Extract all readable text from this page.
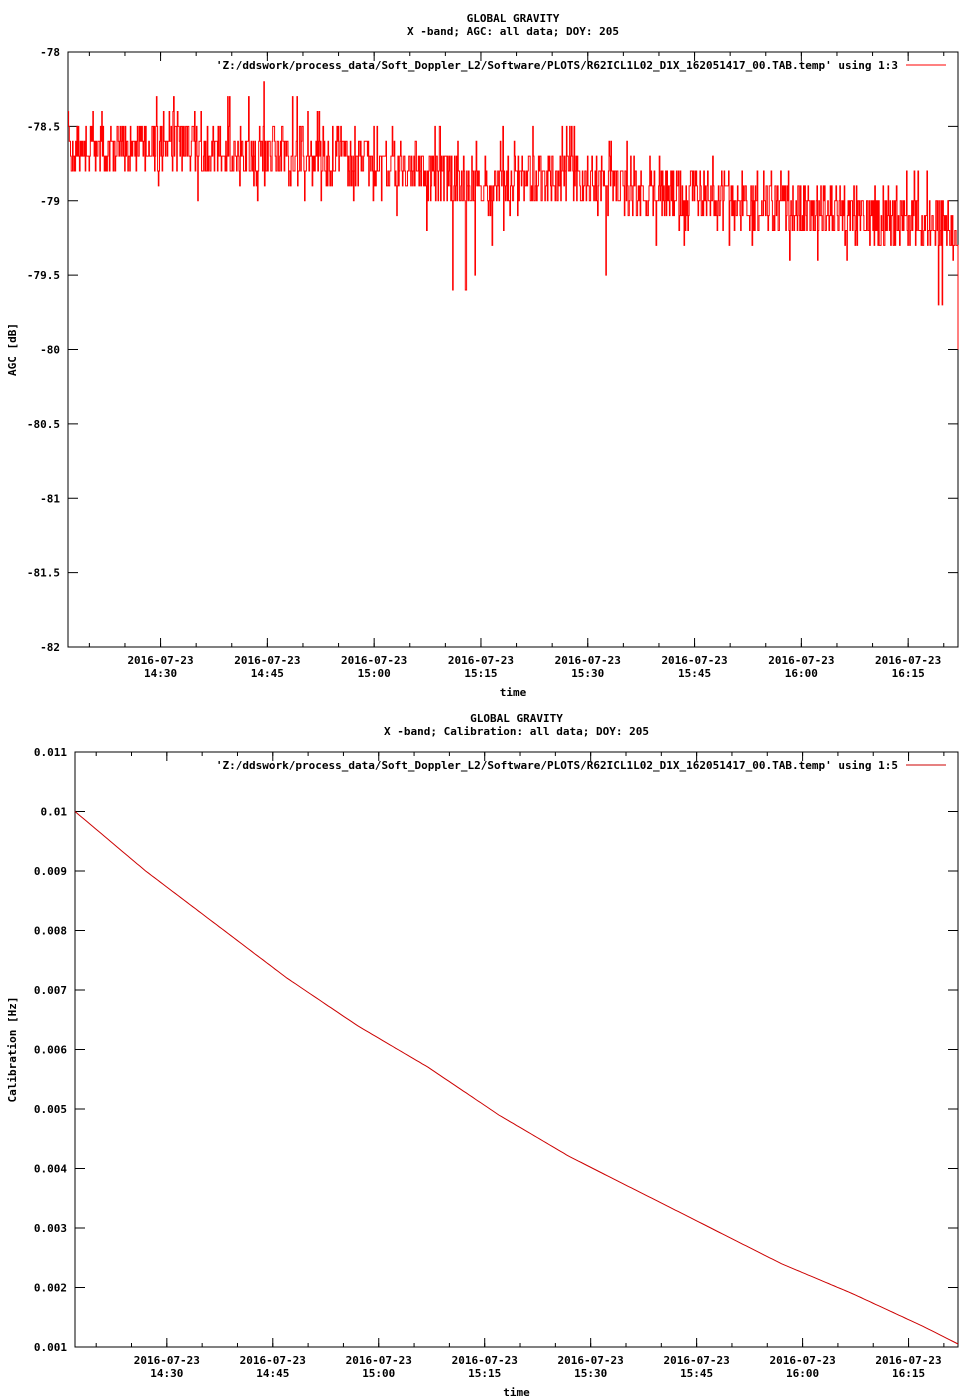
GLOBAL GRAVITY
X -band; AGC: all data; DOY: 205
-78
-78.5
-79
-79.5
-80
-80.5
-81
-81.5
-82
2016-07-23
14:30
2016-07-23
14:45
2016-07-23
15:00
2016-07-23
15:15
2016-07-23
15:30
2016-07-23
15:45
2016-07-23
16:00
2016-07-23
16:15
AGC [dB]
time
'Z:/ddswork/process_data/Soft_Doppler_L2/Software/PLOTS/R62ICL1L02_D1X_162051417_00.TAB.temp' using 1:3
GLOBAL GRAVITY
X -band; Calibration: all data; DOY: 205
0.011
0.01
0.009
0.008
0.007
0.006
0.005
0.004
0.003
0.002
0.001
2016-07-23
14:30
2016-07-23
14:45
2016-07-23
15:00
2016-07-23
15:15
2016-07-23
15:30
2016-07-23
15:45
2016-07-23
16:00
2016-07-23
16:15
Calibration [Hz]
time
'Z:/ddswork/process_data/Soft_Doppler_L2/Software/PLOTS/R62ICL1L02_D1X_162051417_00.TAB.temp' using 1:5
